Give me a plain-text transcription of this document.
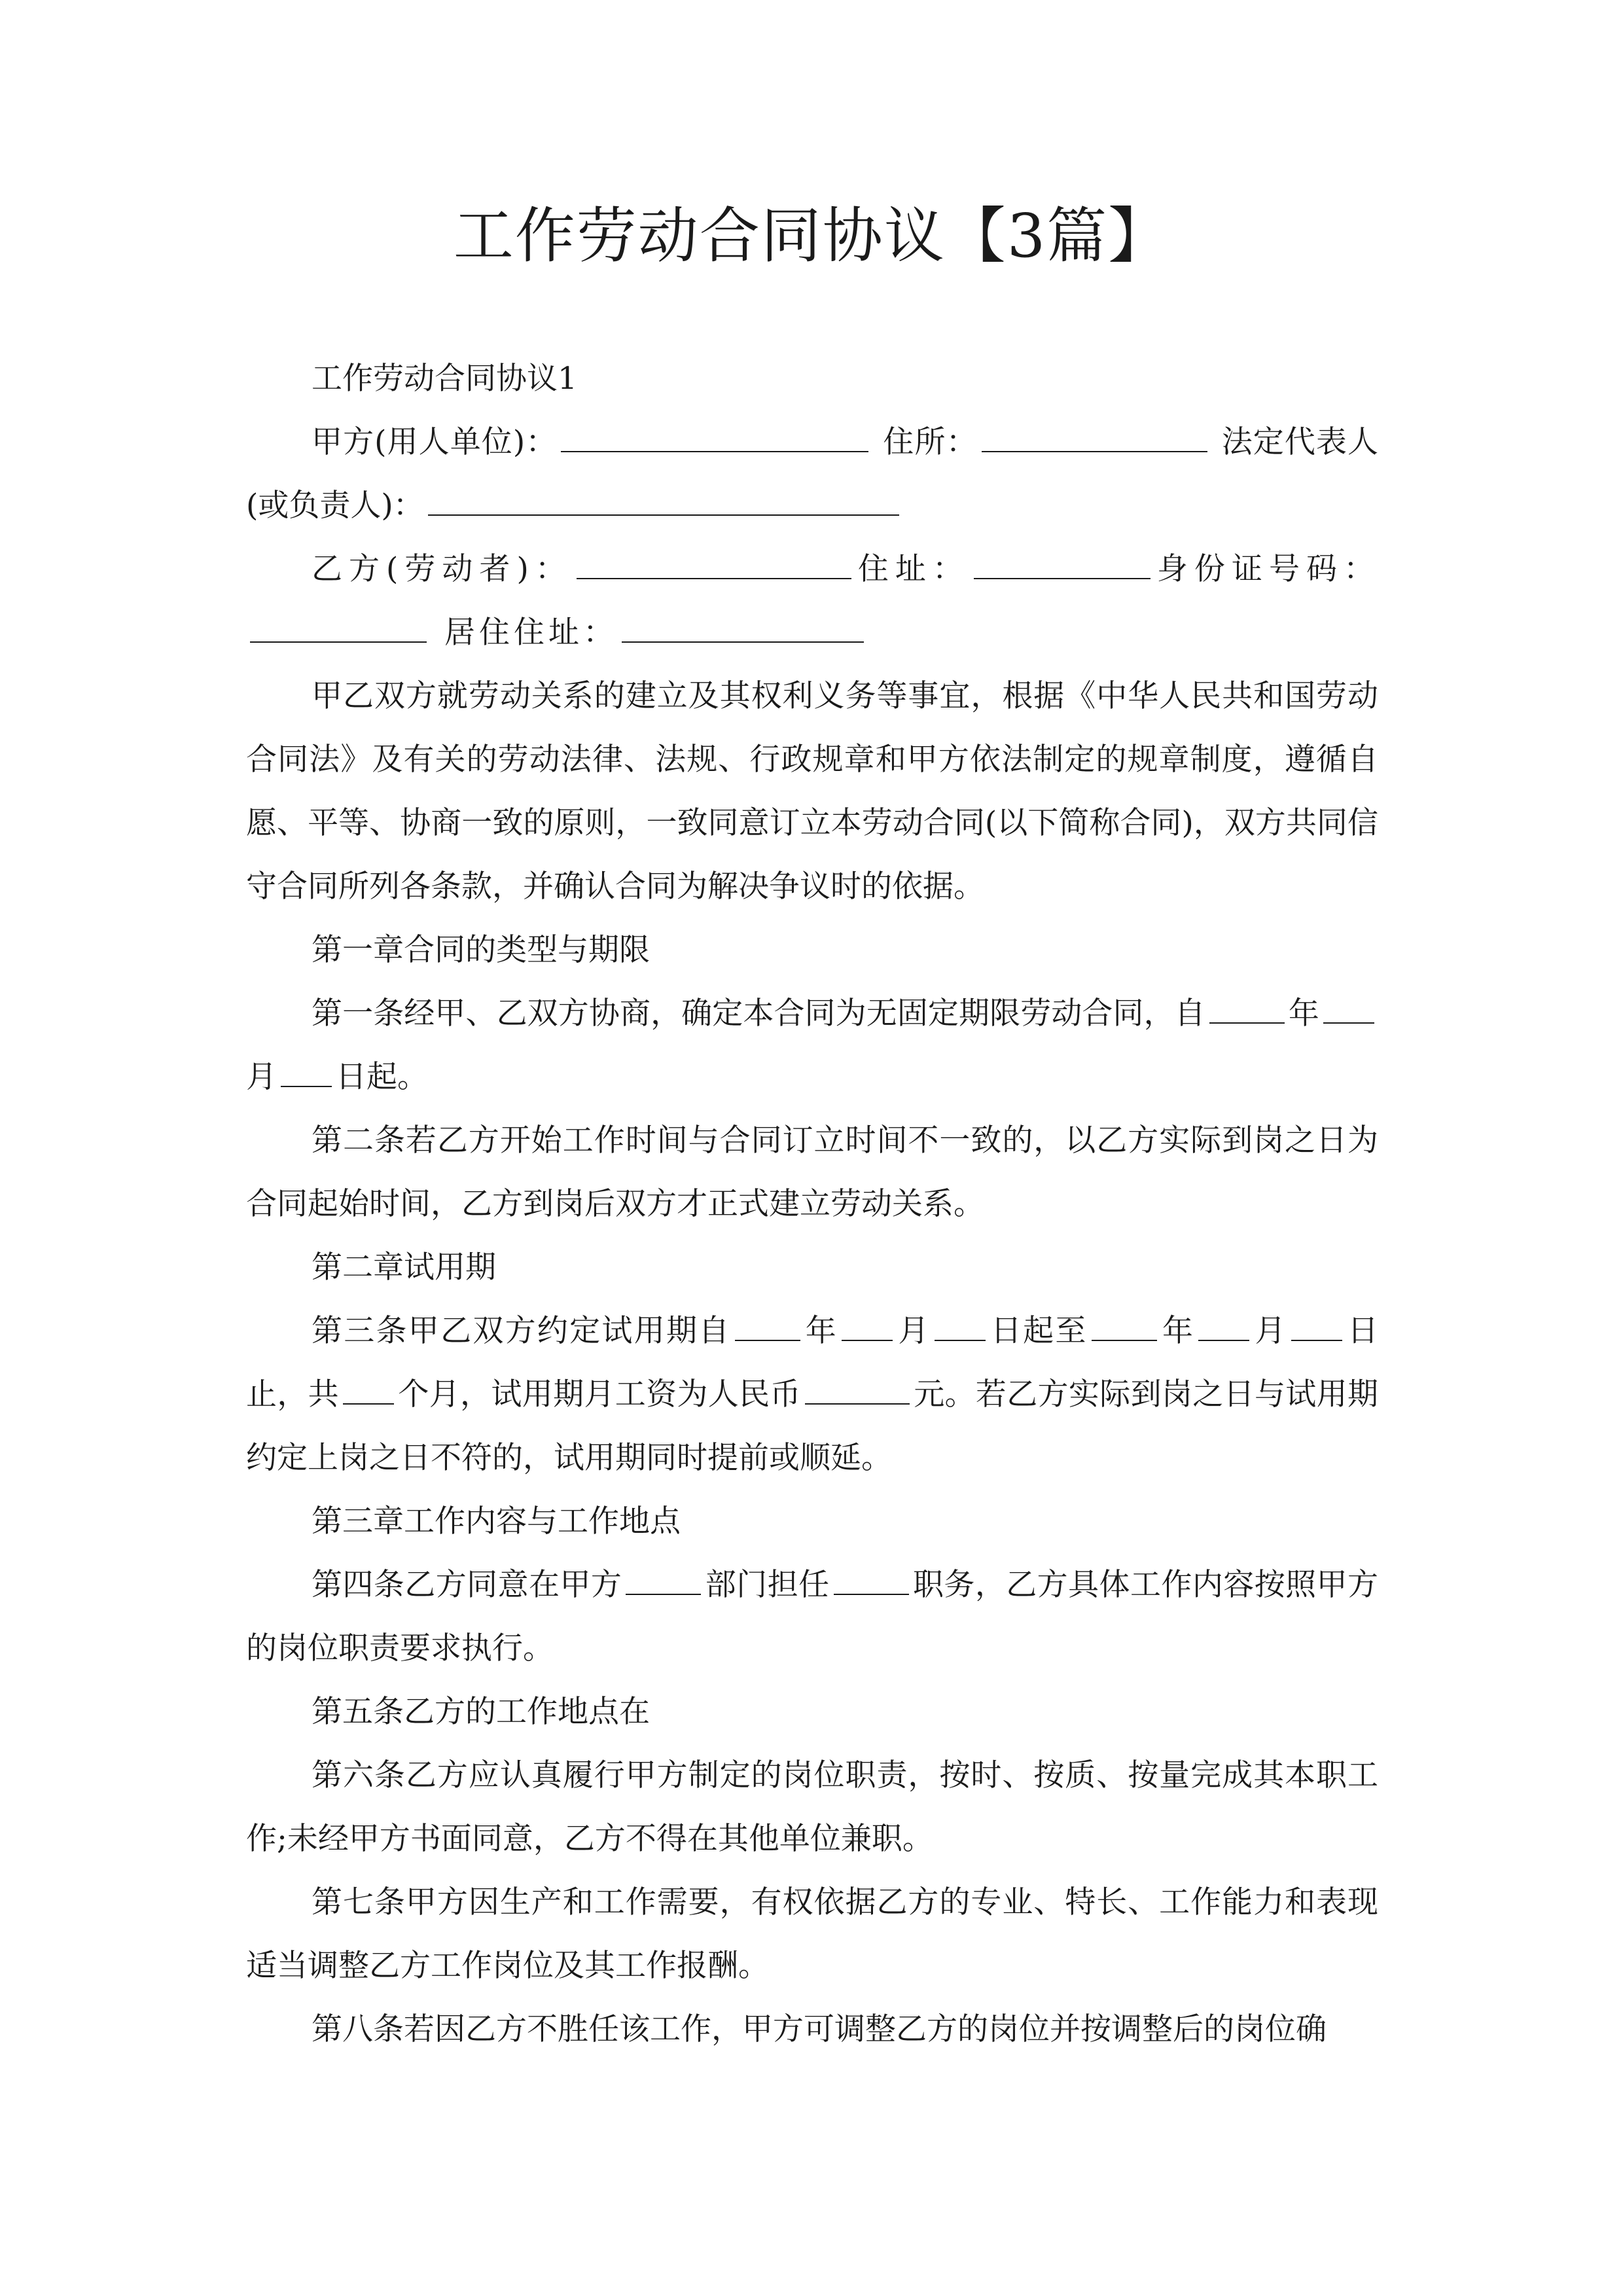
工作劳动合同协议【3篇】

工作劳动合同协议1

甲方(用人单位)：	住所：	法定代表人(或负责人)：

乙方(劳动者)：	住址：	身份证号码： 居住住址：

甲乙双方就劳动关系的建立及其权利义务等事宜，根据《中华人民共和国劳动合同法》及有关的劳动法律、法规、行政规章和甲方依法制定的规章制度，遵循自愿、平等、协商一致的原则，一致同意订立本劳动合同(以下简称合同)，双方共同信守合同所列各条款，并确认合同为解决争议时的依据。

第一章合同的类型与期限

第一条经甲、乙双方协商，确定本合同为无固定期限劳动合同，自	年月 日起。

第二条若乙方开始工作时间与合同订立时间不一致的，以乙方实际到岗之日为合同起始时间，乙方到岗后双方才正式建立劳动关系。

第二章试用期

第三条甲乙双方约定试用期自 年 月 日起至 年 月 日止，共 个月，试用期月工资为人民币	元。若乙方实际到岗之日与试用期约定上岗之日不符的，试用期同时提前或顺延。

第三章工作内容与工作地点

第四条乙方同意在甲方	部门担任	职务，乙方具体工作内容按照甲方的岗位职责要求执行。

第五条乙方的工作地点在

第六条乙方应认真履行甲方制定的岗位职责，按时、按质、按量完成其本职工作;未经甲方书面同意，乙方不得在其他单位兼职。

第七条甲方因生产和工作需要，有权依据乙方的专业、特长、工作能力和表现适当调整乙方工作岗位及其工作报酬。

第八条若因乙方不胜任该工作，甲方可调整乙方的岗位并按调整后的岗位确
